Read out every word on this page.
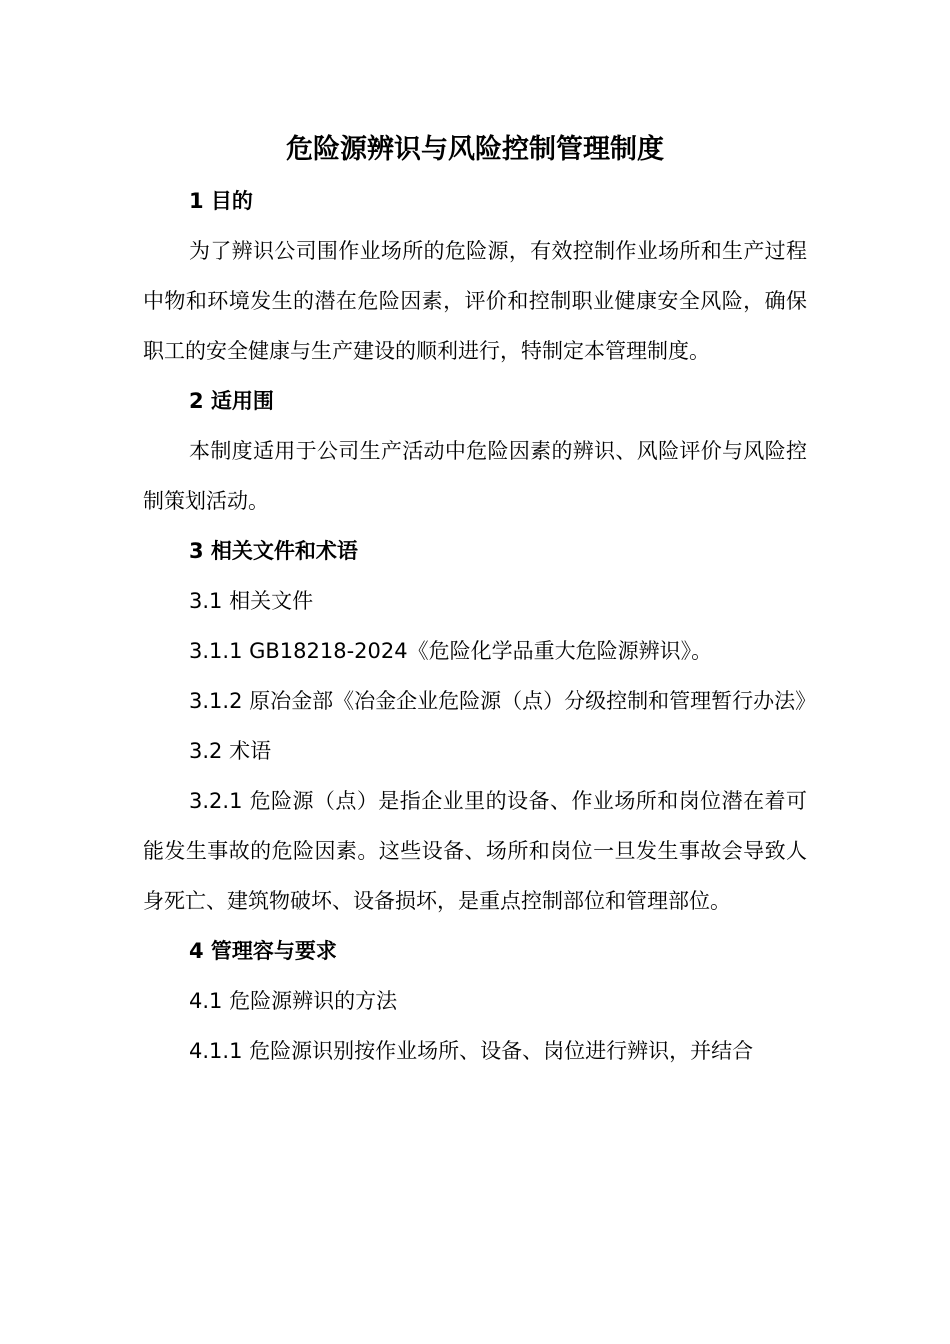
危险源辨识与风险控制管理制度

1 目的

为了辨识公司围作业场所的危险源，有效控制作业场所和生产过程中物和环境发生的潜在危险因素，评价和控制职业健康安全风险，确保职工的安全健康与生产建设的顺利进行，特制定本管理制度。

2 适用围

本制度适用于公司生产活动中危险因素的辨识、风险评价与风险控制策划活动。

3 相关文件和术语

3.1 相关文件

3.1.1 GB18218-2024《危险化学品重大危险源辨识》。

3.1.2 原冶金部《冶金企业危险源（点）分级控制和管理暂行办法》

3.2 术语

3.2.1 危险源（点）是指企业里的设备、作业场所和岗位潜在着可能发生事故的危险因素。这些设备、场所和岗位一旦发生事故会导致人身死亡、建筑物破坏、设备损坏，是重点控制部位和管理部位。

4 管理容与要求

4.1 危险源辨识的方法

4.1.1 危险源识别按作业场所、设备、岗位进行辨识，并结合
